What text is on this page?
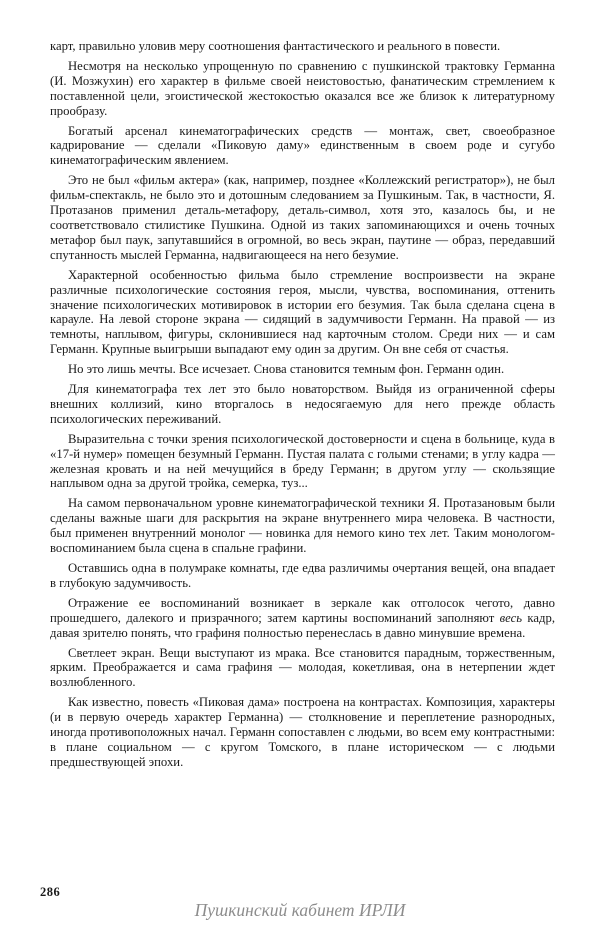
карт, правильно уловив меру соотношения фантастического и реального в повести.

Несмотря на несколько упрощенную по сравнению с пушкинской трактовку Германна (И. Мозжухин) его характер в фильме своей неистовостью, фанатическим стремлением к поставленной цели, эгоистической жестокостью оказался все же близок к литературному прообразу.

Богатый арсенал кинематографических средств — монтаж, свет, своеобразное кадрирование — сделали «Пиковую даму» единственным в своем роде и сугубо кинематографическим явлением.

Это не был «фильм актера» (как, например, позднее «Коллежский регистратор»), не был фильм-спектакль, не было это и дотошным следованием за Пушкиным. Так, в частности, Я. Протазанов применил деталь-метафору, деталь-символ, хотя это, казалось бы, и не соответствовало стилистике Пушкина. Одной из таких запоминающихся и очень точных метафор был паук, запутавшийся в огромной, во весь экран, паутине — образ, передавший спутанность мыслей Германна, надвигающееся на него безумие.

Характерной особенностью фильма было стремление воспроизвести на экране различные психологические состояния героя, мысли, чувства, воспоминания, оттенить значение психологических мотивировок в истории его безумия. Так была сделана сцена в карауле. На левой стороне экрана — сидящий в задумчивости Германн. На правой — из темноты, наплывом, фигуры, склонившиеся над карточным столом. Среди них — и сам Германн. Крупные выигрыши выпадают ему один за другим. Он вне себя от счастья.

Но это лишь мечты. Все исчезает. Снова становится темным фон. Германн один.

Для кинематографа тех лет это было новаторством. Выйдя из ограниченной сферы внешних коллизий, кино вторгалось в недосягаемую для него прежде область психологических переживаний.

Выразительна с точки зрения психологической достоверности и сцена в больнице, куда в «17-й нумер» помещен безумный Германн. Пустая палата с голыми стенами; в углу кадра — железная кровать и на ней мечущийся в бреду Германн; в другом углу — скользящие наплывом одна за другой тройка, семерка, туз...

На самом первоначальном уровне кинематографической техники Я. Протазановым были сделаны важные шаги для раскрытия на экране внутреннего мира человека. В частности, был применен внутренний монолог — новинка для немого кино тех лет. Таким монологом-воспоминанием была сцена в спальне графини.

Оставшись одна в полумраке комнаты, где едва различимы очертания вещей, она впадает в глубокую задумчивость.

Отражение ее воспоминаний возникает в зеркале как отголосок чегото, давно прошедшего, далекого и призрачного; затем картины воспоминаний заполняют весь кадр, давая зрителю понять, что графиня полностью перенеслась в давно минувшие времена.

Светлеет экран. Вещи выступают из мрака. Все становится парадным, торжественным, ярким. Преображается и сама графиня — молодая, кокетливая, она в нетерпении ждет возлюбленного.

Как известно, повесть «Пиковая дама» построена на контрастах. Композиция, характеры (и в первую очередь характер Германна) — столкновение и переплетение разнородных, иногда противоположных начал. Германн сопоставлен с людьми, во всем ему контрастными: в плане социальном — с кругом Томского, в плане историческом — с людьми предшествующей эпохи.

286
Пушкинский кабинет ИРЛИ
